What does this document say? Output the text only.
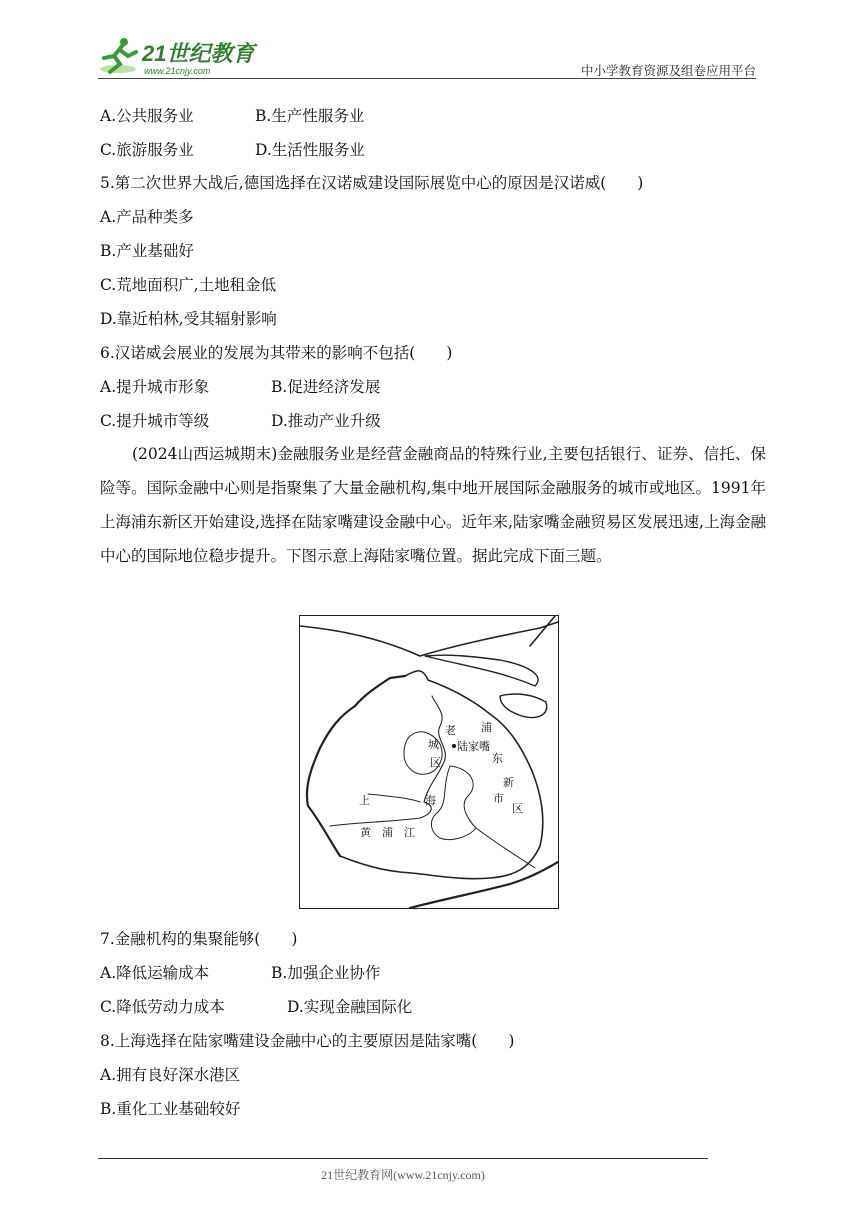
21世纪教育
www.21cnjy.com	中小学教育资源及组卷应用平台
A.公共服务业	B.生产性服务业
C.旅游服务业	D.生活性服务业
5.第二次世界大战后,德国选择在汉诺威建设国际展览中心的原因是汉诺威(　　)
A.产品种类多
B.产业基础好
C.荒地面积广,土地租金低
D.靠近柏林,受其辐射影响
6.汉诺威会展业的发展为其带来的影响不包括(　　)
A.提升城市形象	B.促进经济发展
C.提升城市等级	D.推动产业升级
(2024山西运城期末)金融服务业是经营金融商品的特殊行业,主要包括银行、证券、信托、保险等。国际金融中心则是指聚集了大量金融机构,集中地开展国际金融服务的城市或地区。1991年上海浦东新区开始建设,选择在陆家嘴建设金融中心。近年来,陆家嘴金融贸易区发展迅速,上海金融中心的国际地位稳步提升。下图示意上海陆家嘴位置。据此完成下面三题。
老
城
区
陆家嘴
浦
东
新
市
区
上	海
黄　浦　江
7.金融机构的集聚能够(　　)
A.降低运输成本	B.加强企业协作
C.降低劳动力成本	D.实现金融国际化
8.上海选择在陆家嘴建设金融中心的主要原因是陆家嘴(　　)
A.拥有良好深水港区
B.重化工业基础较好
21世纪教育网(www.21cnjy.com)
